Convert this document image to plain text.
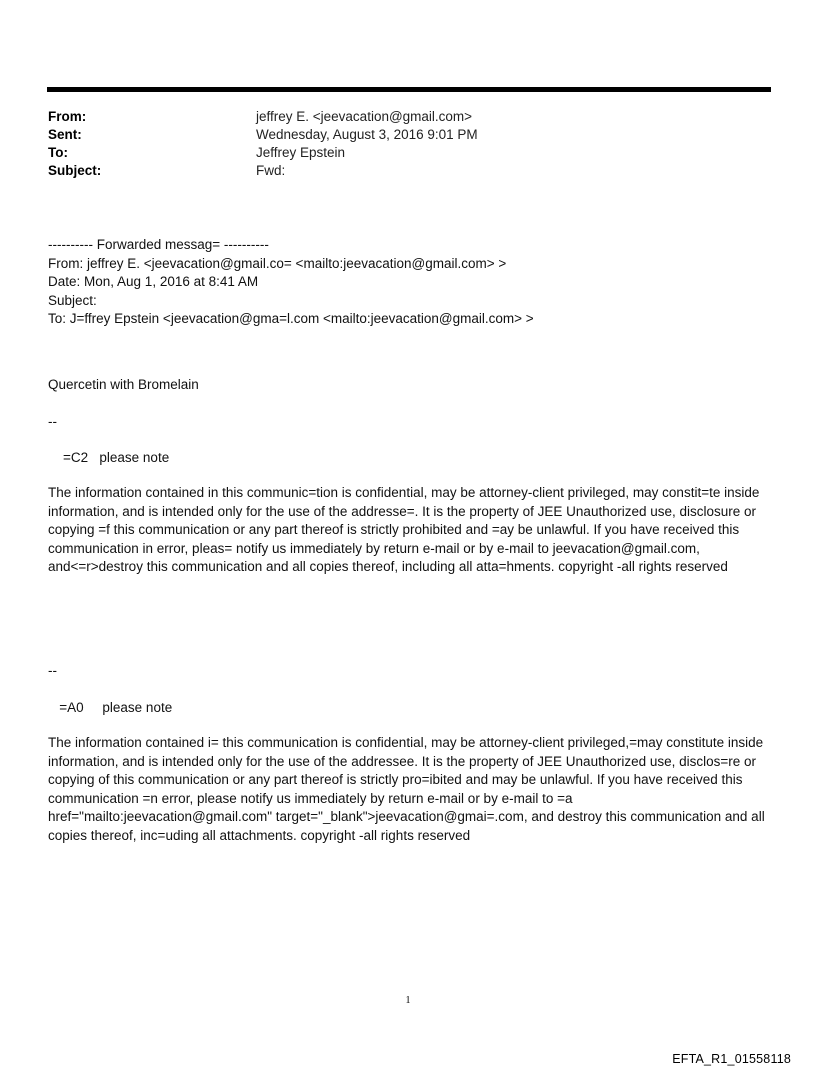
From:	jeffrey E. <jeevacation@gmail.com>
Sent:	Wednesday, August 3, 2016 9:01 PM
To:	Jeffrey Epstein
Subject:	Fwd:
---------- Forwarded messag= ----------
From: jeffrey E. <jeevacation@gmail.co= <mailto:jeevacation@gmail.com> >
Date: Mon, Aug 1, 2016 at 8:41 AM
Subject:
To: J=ffrey Epstein <jeevacation@gma=l.com <mailto:jeevacation@gmail.com> >
Quercetin with Bromelain
--
=C2   please note
The information contained in this communic=tion is confidential, may be attorney-client privileged, may constit=te inside information, and is intended only for the use of the addresse=. It is the property of JEE Unauthorized use, disclosure or copying =f this communication or any part thereof is strictly prohibited and =ay be unlawful. If you have received this communication in error, pleas= notify us immediately by return e-mail or by e-mail to jeevacation@gmail.com, and<=r>destroy this communication and all copies thereof, including all atta=hments. copyright -all rights reserved
--
=A0     please note
The information contained i= this communication is confidential, may be attorney-client privileged,=may constitute inside information, and is intended only for the use of the addressee. It is the property of JEE Unauthorized use, disclos=re or copying of this communication or any part thereof is strictly pro=ibited and may be unlawful. If you have received this communication =n error, please notify us immediately by return e-mail or by e-mail to =a href="mailto:jeevacation@gmail.com" target="_blank">jeevacation@gmai=.com, and destroy this communication and all copies thereof, inc=uding all attachments. copyright -all rights reserved
1
EFTA_R1_01558118
